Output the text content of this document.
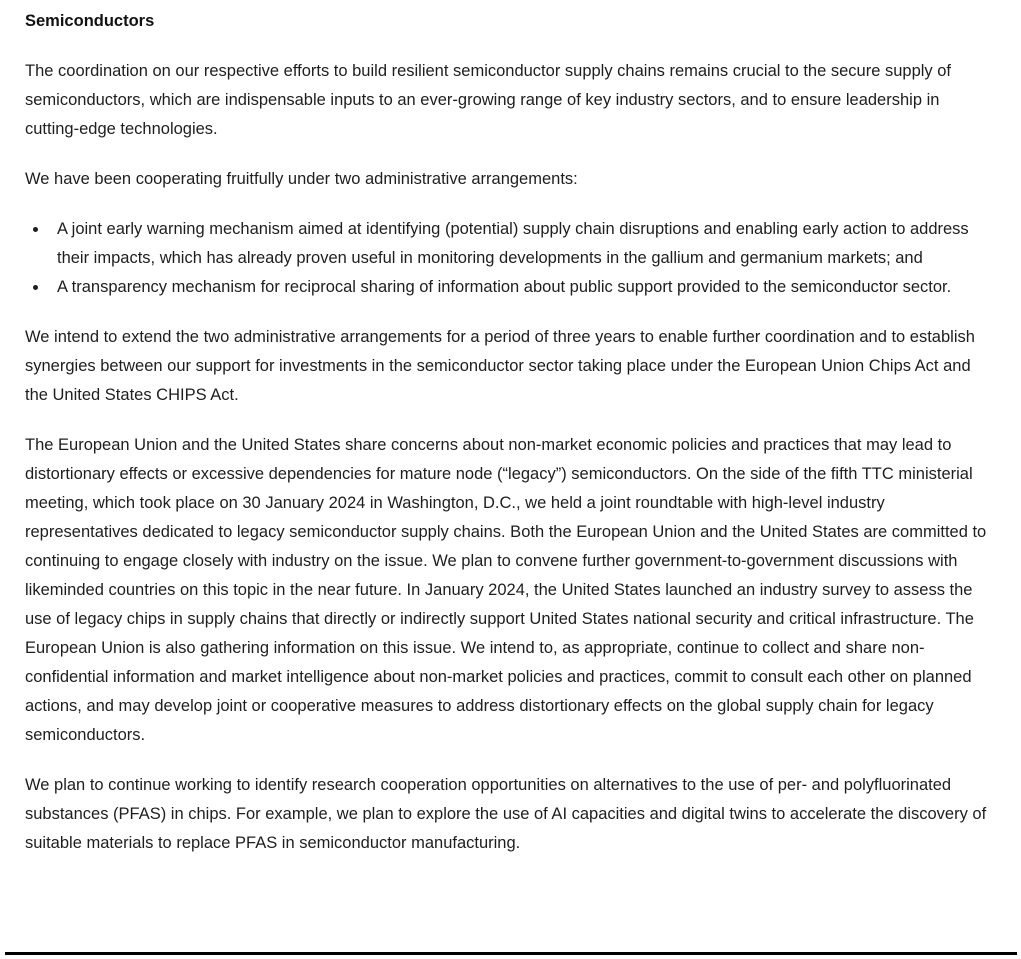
Semiconductors

The coordination on our respective efforts to build resilient semiconductor supply chains remains crucial to the secure supply of semiconductors, which are indispensable inputs to an ever-growing range of key industry sectors, and to ensure leadership in cutting-edge technologies.

We have been cooperating fruitfully under two administrative arrangements:

• A joint early warning mechanism aimed at identifying (potential) supply chain disruptions and enabling early action to address their impacts, which has already proven useful in monitoring developments in the gallium and germanium markets; and
• A transparency mechanism for reciprocal sharing of information about public support provided to the semiconductor sector.

We intend to extend the two administrative arrangements for a period of three years to enable further coordination and to establish synergies between our support for investments in the semiconductor sector taking place under the European Union Chips Act and the United States CHIPS Act.

The European Union and the United States share concerns about non-market economic policies and practices that may lead to distortionary effects or excessive dependencies for mature node (“legacy”) semiconductors. On the side of the fifth TTC ministerial meeting, which took place on 30 January 2024 in Washington, D.C., we held a joint roundtable with high-level industry representatives dedicated to legacy semiconductor supply chains. Both the European Union and the United States are committed to continuing to engage closely with industry on the issue. We plan to convene further government-to-government discussions with likeminded countries on this topic in the near future. In January 2024, the United States launched an industry survey to assess the use of legacy chips in supply chains that directly or indirectly support United States national security and critical infrastructure. The European Union is also gathering information on this issue. We intend to, as appropriate, continue to collect and share non-confidential information and market intelligence about non-market policies and practices, commit to consult each other on planned actions, and may develop joint or cooperative measures to address distortionary effects on the global supply chain for legacy semiconductors.

We plan to continue working to identify research cooperation opportunities on alternatives to the use of per- and polyfluorinated substances (PFAS) in chips. For example, we plan to explore the use of AI capacities and digital twins to accelerate the discovery of suitable materials to replace PFAS in semiconductor manufacturing.
